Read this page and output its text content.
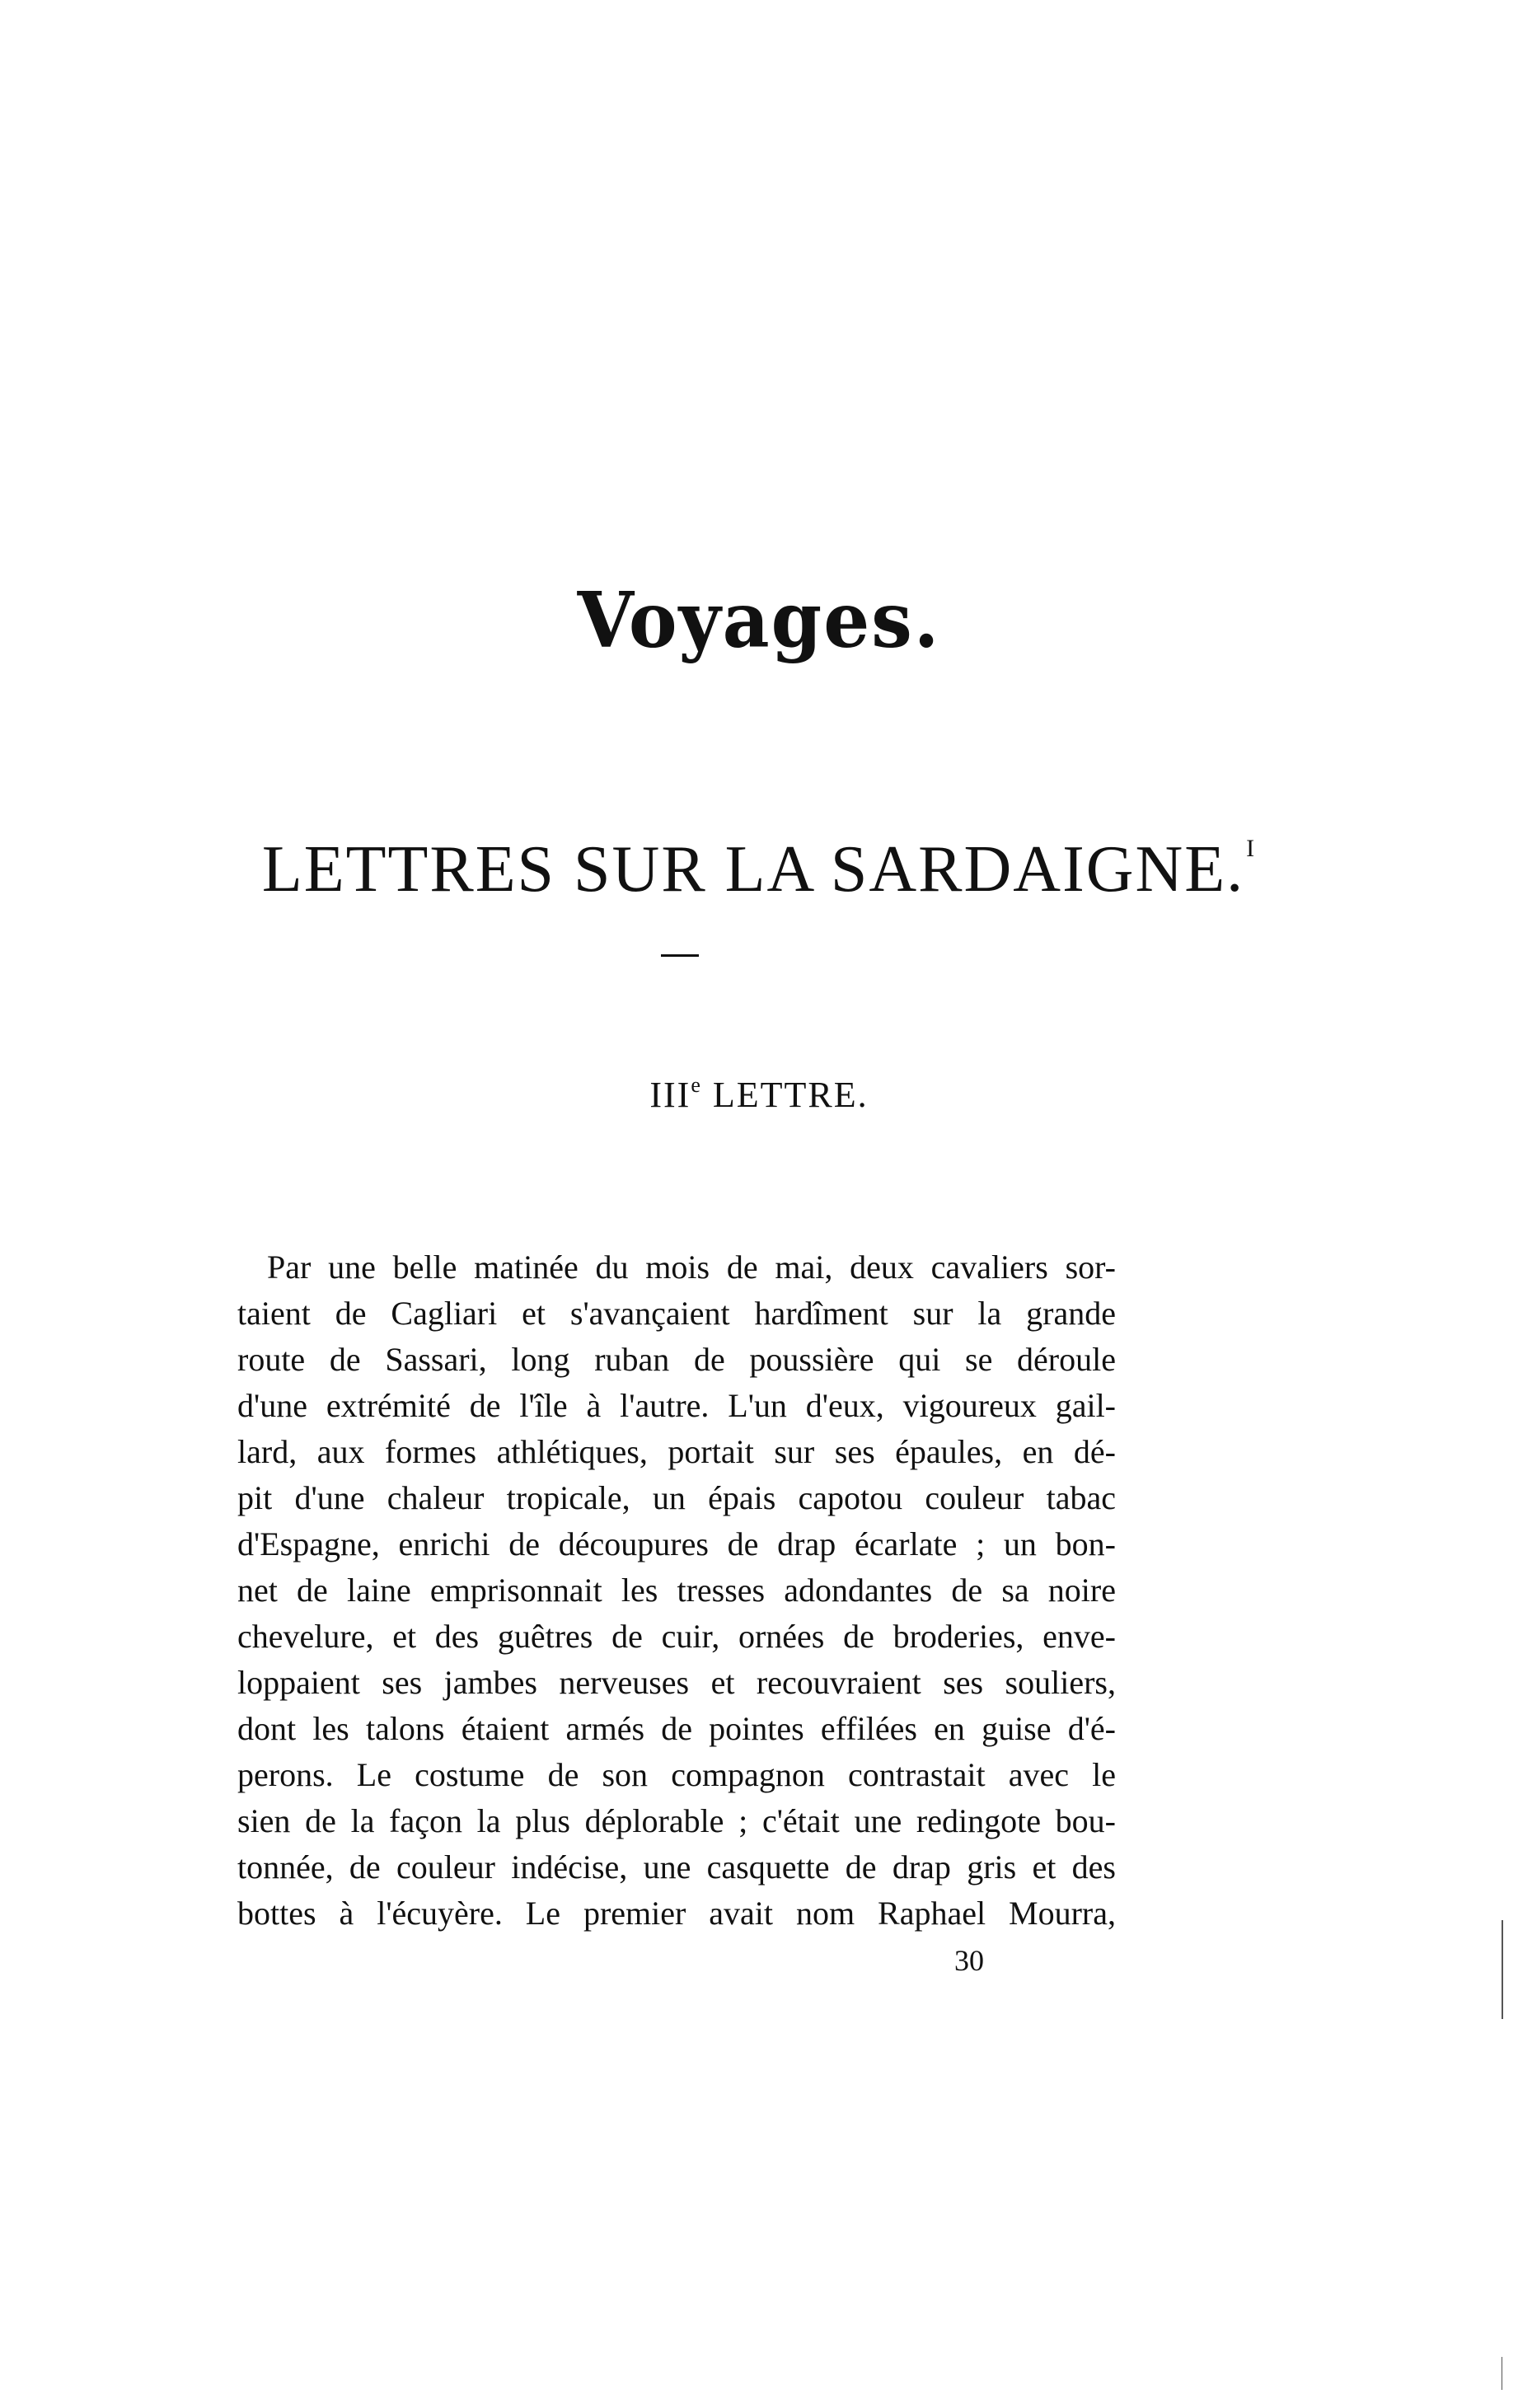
Voyages.
LETTRES SUR LA SARDAIGNE.$^I$
IIIe LETTRE.
Par une belle matinée du mois de mai, deux cavaliers sor-
taient de Cagliari et s'avançaient hardîment sur la grande
route de Sassari, long ruban de poussière qui se déroule
d'une extrémité de l'île à l'autre. L'un d'eux, vigoureux gail-
lard, aux formes athlétiques, portait sur ses épaules, en dé-
pit d'une chaleur tropicale, un épais capotou couleur tabac
d'Espagne, enrichi de découpures de drap écarlate ; un bon-
net de laine emprisonnait les tresses adondantes de sa noire
chevelure, et des guêtres de cuir, ornées de broderies, enve-
loppaient ses jambes nerveuses et recouvraient ses souliers,
dont les talons étaient armés de pointes effilées en guise d'é-
perons. Le costume de son compagnon contrastait avec le
sien de la façon la plus déplorable ; c'était une redingote bou-
tonnée, de couleur indécise, une casquette de drap gris et des
bottes à l'écuyère. Le premier avait nom Raphael Mourra,
30
